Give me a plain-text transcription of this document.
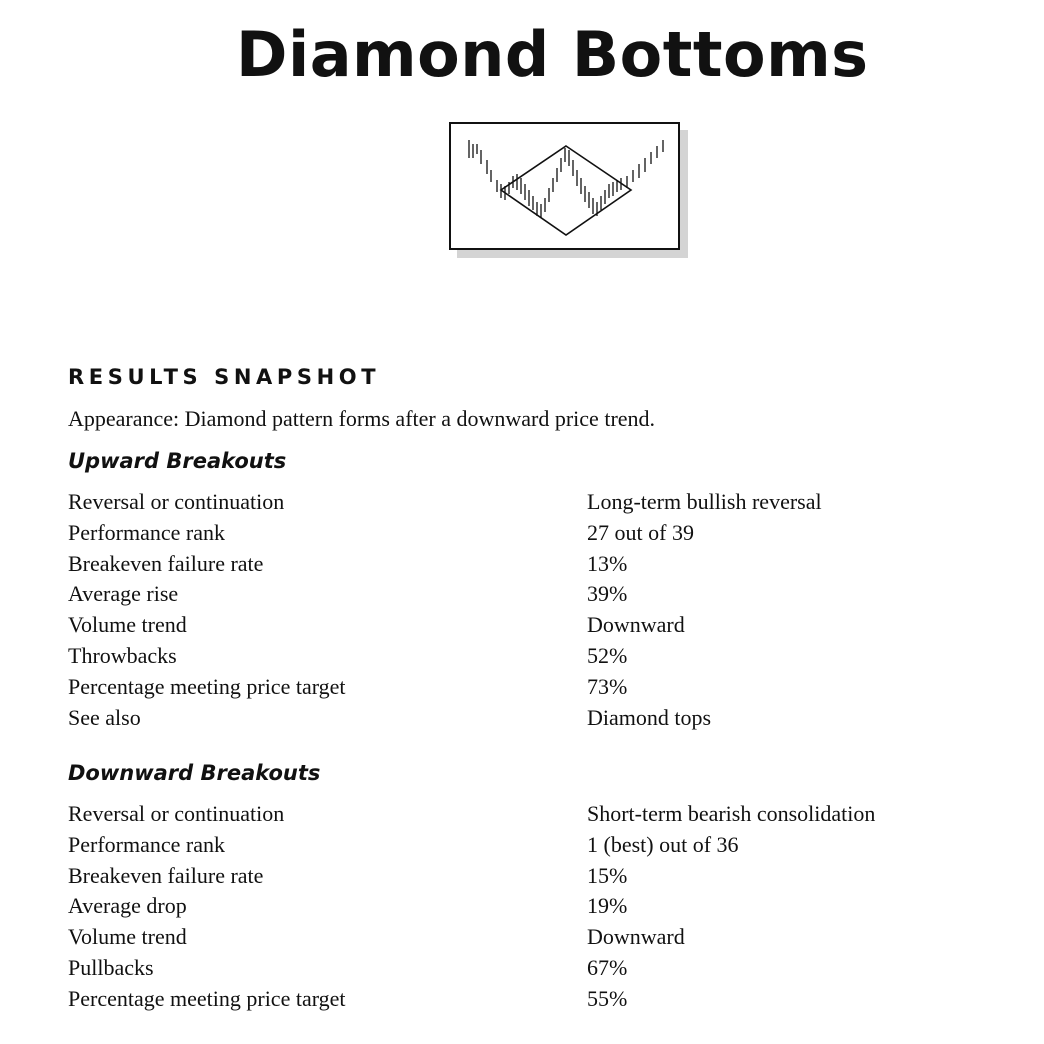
Diamond Bottoms
RESULTS SNAPSHOT
Appearance: Diamond pattern forms after a downward price trend.
Upward Breakouts
Reversal or continuation	Long-term bullish reversal
Performance rank	27 out of 39
Breakeven failure rate	13%
Average rise	39%
Volume trend	Downward
Throwbacks	52%
Percentage meeting price target	73%
See also	Diamond tops
Downward Breakouts
Reversal or continuation	Short-term bearish consolidation
Performance rank	1 (best) out of 36
Breakeven failure rate	15%
Average drop	19%
Volume trend	Downward
Pullbacks	67%
Percentage meeting price target	55%
